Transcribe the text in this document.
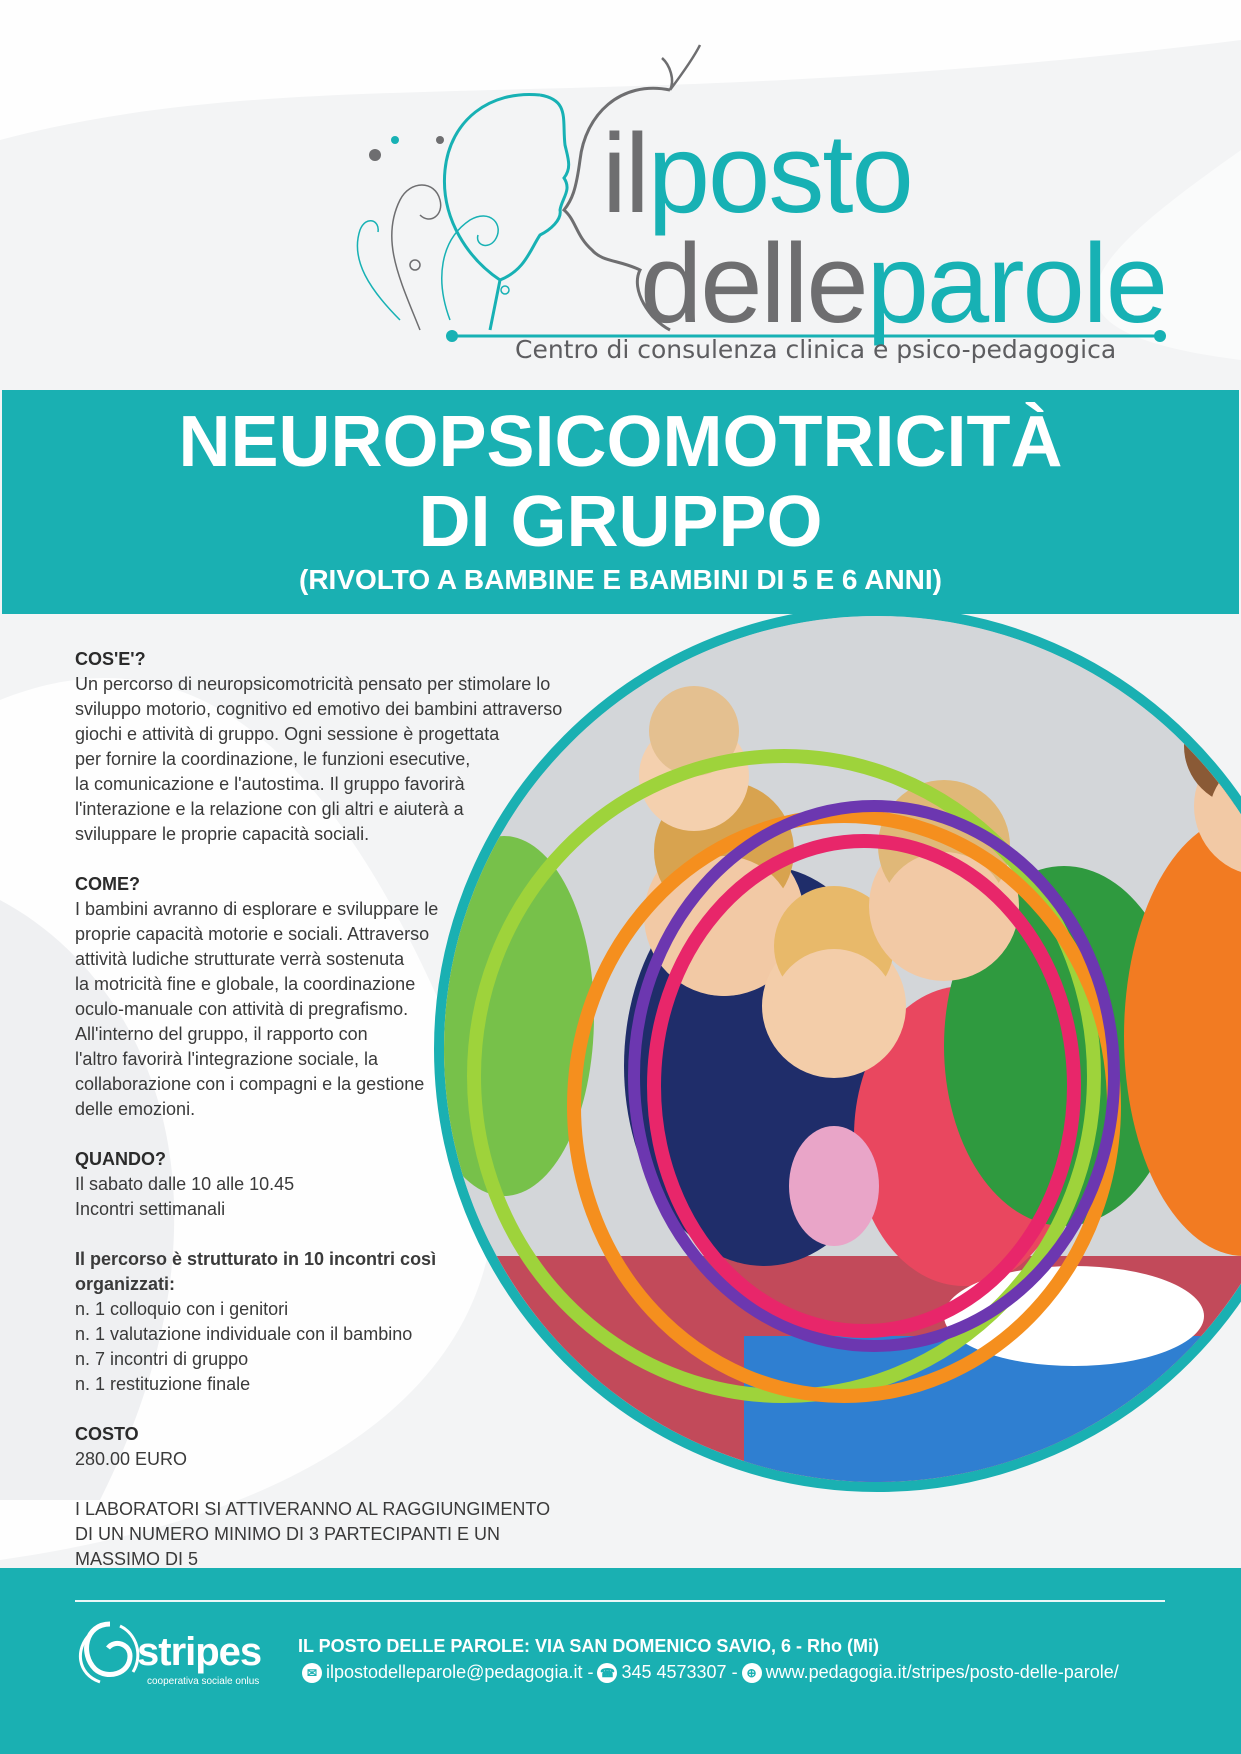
ilposto
delleparole
Centro di consulenza clinica e psico-pedagogica
NEUROPSICOMOTRICITÀ
DI GRUPPO
(RIVOLTO A BAMBINE E BAMBINI DI 5 E 6 ANNI)
COS'E'?
Un percorso di neuropsicomotricità pensato per stimolare lo
sviluppo motorio, cognitivo ed emotivo dei bambini attraverso
giochi e attività di gruppo. Ogni sessione è progettata
per fornire la coordinazione, le funzioni esecutive,
la comunicazione e l'autostima. Il gruppo favorirà
l'interazione e la relazione con gli altri e aiuterà a
sviluppare le proprie capacità sociali.
COME?
I bambini avranno di esplorare e sviluppare le
proprie capacità motorie e sociali. Attraverso
attività ludiche strutturate verrà sostenuta
la motricità fine e globale, la coordinazione
oculo-manuale con attività di pregrafismo.
All'interno del gruppo, il rapporto con
l'altro favorirà l'integrazione sociale, la
collaborazione con i compagni e la gestione
delle emozioni.
QUANDO?
Il sabato dalle 10 alle 10.45
Incontri settimanali
Il percorso è strutturato in 10 incontri così
organizzati:
n. 1 colloquio con i genitori
n. 1 valutazione individuale con il bambino
n. 7 incontri di gruppo
n. 1 restituzione finale
COSTO
280.00 EURO
I LABORATORI SI ATTIVERANNO AL RAGGIUNGIMENTO
DI UN NUMERO MINIMO DI 3 PARTECIPANTI E UN MASSIMO DI 5
stripes
cooperativa sociale onlus
IL POSTO DELLE PAROLE: VIA SAN DOMENICO SAVIO, 6 - Rho (Mi)
✉ ilpostodelleparole@pedagogia.it - ☎ 345 4573307 - ⊕ www.pedagogia.it/stripes/posto-delle-parole/
